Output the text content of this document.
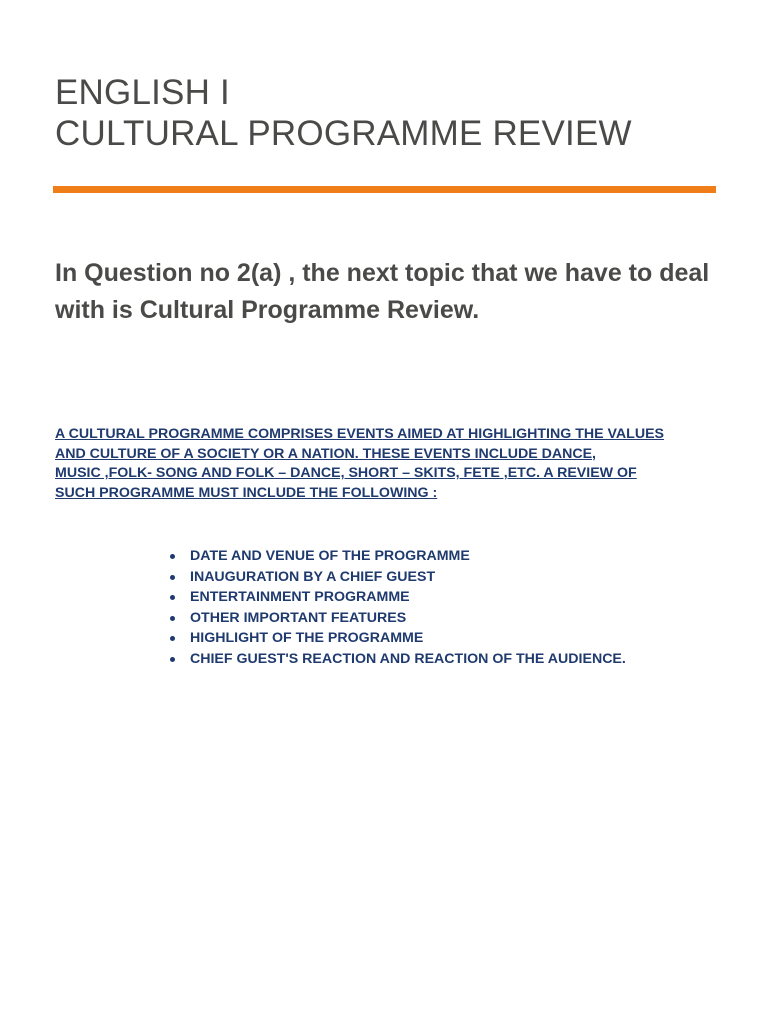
ENGLISH I
CULTURAL PROGRAMME REVIEW

In Question no 2(a) , the next topic that we have to deal with is Cultural Programme Review.

A CULTURAL PROGRAMME COMPRISES EVENTS AIMED AT HIGHLIGHTING THE VALUES
AND CULTURE OF A SOCIETY OR A NATION. THESE EVENTS INCLUDE DANCE,
MUSIC ,FOLK- SONG AND FOLK – DANCE, SHORT – SKITS, FETE ,ETC. A REVIEW OF
SUCH PROGRAMME MUST INCLUDE THE FOLLOWING :

DATE AND VENUE OF THE PROGRAMME
INAUGURATION BY A CHIEF GUEST
ENTERTAINMENT PROGRAMME
OTHER IMPORTANT FEATURES
HIGHLIGHT OF THE PROGRAMME
CHIEF GUEST'S REACTION AND REACTION OF THE AUDIENCE.
